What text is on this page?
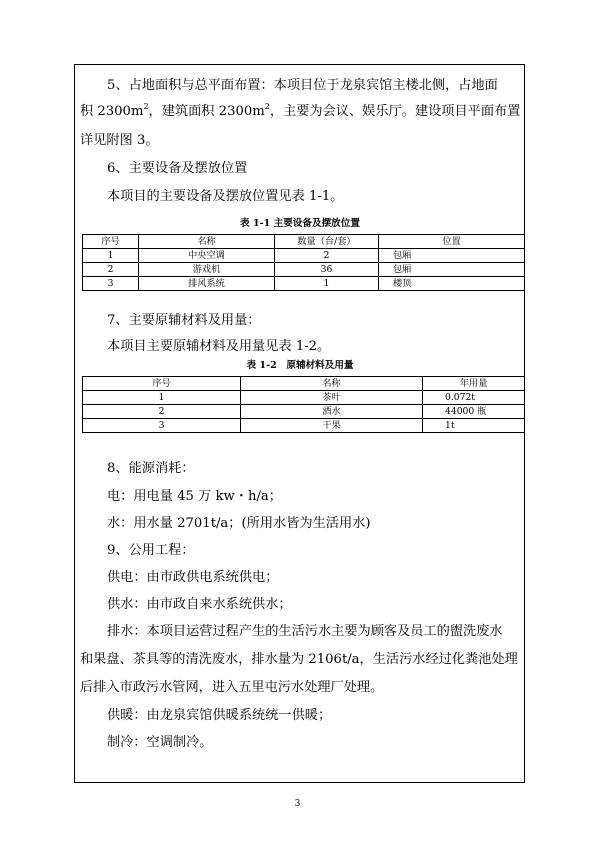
5、占地面积与总平面布置：本项目位于龙泉宾馆主楼北侧，占地面
积 $2300m^2$，建筑面积 $2300m^2$，主要为会议、娱乐厅。建设项目平面布置
详见附图 3。
6、主要设备及摆放位置
本项目的主要设备及摆放位置见表 1-1。
表 1-1 主要设备及摆放位置
序号	名称	数量（台/套）	位置
1	中央空调	2	包厢
2	游戏机	36	包厢
3	排风系统	1	楼顶
7、主要原辅材料及用量：
本项目主要原辅材料及用量见表 1-2。
表 1-2　原辅材料及用量
序号	名称	年用量
1	茶叶	0.072t
2	酒水	44000 瓶
3	干果	1t
8、能源消耗：
电：用电量 45 万 kw・h/a；
水：用水量 2701t/a；(所用水皆为生活用水)
9、公用工程：
供电：由市政供电系统供电；
供水：由市政自来水系统供水；
排水：本项目运营过程产生的生活污水主要为顾客及员工的盥洗废水
和果盘、茶具等的清洗废水，排水量为 2106t/a，生活污水经过化粪池处理
后排入市政污水管网，进入五里屯污水处理厂处理。
供暖：由龙泉宾馆供暖系统统一供暖；
制冷：空调制冷。
3
